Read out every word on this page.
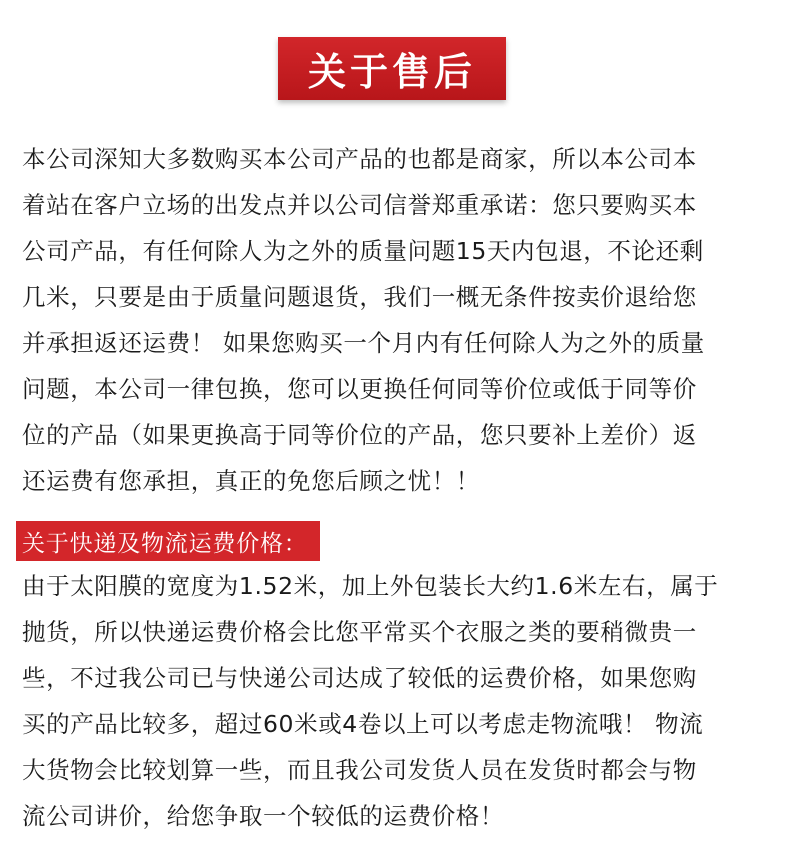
关于售后
本公司深知大多数购买本公司产品的也都是商家，所以本公司本
着站在客户立场的出发点并以公司信誉郑重承诺：您只要购买本
公司产品，有任何除人为之外的质量问题15天内包退，不论还剩
几米，只要是由于质量问题退货，我们一概无条件按卖价退给您
并承担返还运费！ 如果您购买一个月内有任何除人为之外的质量
问题，本公司一律包换，您可以更换任何同等价位或低于同等价
位的产品（如果更换高于同等价位的产品，您只要补上差价）返
还运费有您承担，真正的免您后顾之忧！！
关于快递及物流运费价格：
由于太阳膜的宽度为1.52米，加上外包装长大约1.6米左右，属于
抛货，所以快递运费价格会比您平常买个衣服之类的要稍微贵一
些，不过我公司已与快递公司达成了较低的运费价格，如果您购
买的产品比较多，超过60米或4卷以上可以考虑走物流哦！ 物流
大货物会比较划算一些，而且我公司发货人员在发货时都会与物
流公司讲价，给您争取一个较低的运费价格！
